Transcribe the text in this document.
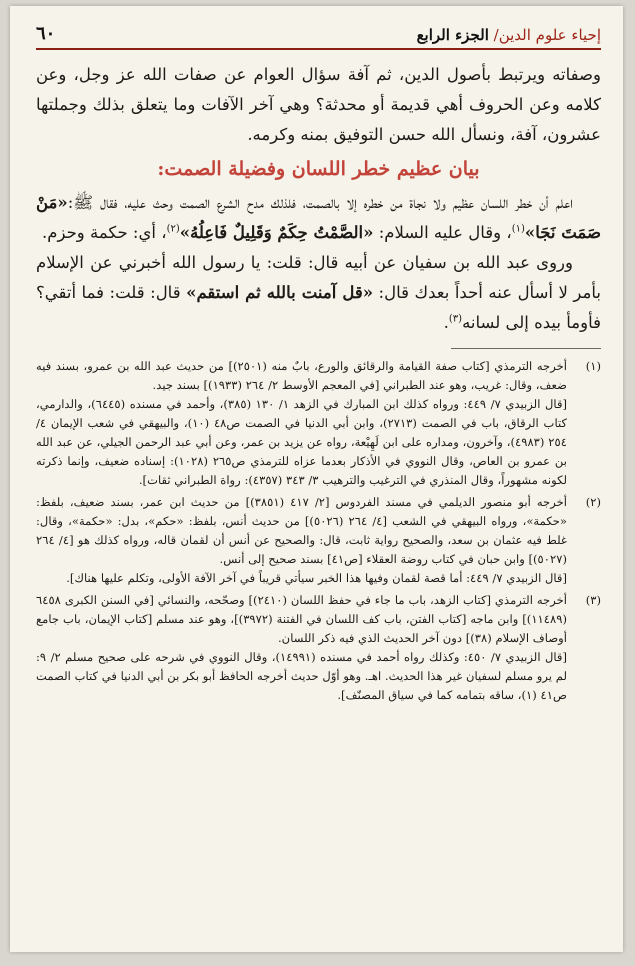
إحياء علوم الدين/ الجزء الرابع
٦٠

وصفاته ويرتبط بأصول الدين، ثم آفة سؤال العوام عن صفات الله عز وجل، وعن كلامه وعن الحروف أهي قديمة أو محدثة؟ وهي آخر الآفات وما يتعلق بذلك وجملتها عشرون، آفة، ونسأل الله حسن التوفيق بمنه وكرمه.

بيان عظيم خطر اللسان وفضيلة الصمت:

اعلم أن خطر اللسان عظيم ولا نجاة من خطره إلا بالصمت، فلذلك مدح الشرع الصمت وحث عليه، فقال ﷺ:«مَنْ صَمَتَ نَجَا»$^{(١)}$، وقال عليه السلام: «الصَّمْتُ حِكَمٌ وَقَلِيلٌ فَاعِلُهُ»$^{(٢)}$، أي: حكمة وحزم.

وروى عبد الله بن سفيان عن أبيه قال: قلت: يا رسول الله أخبرني عن الإسلام بأمر لا أسأل عنه أحداً بعدك قال: «قل آمنت بالله ثم استقم» قال: قلت: فما أتقي؟ فأومأ بيده إلى لسانه$^{(٣)}$.

(١)

أخرجه الترمذي [كتاب صفة القيامة والرقائق والورع، بابٌ منه (٢٥٠١)] من حديث عبد الله بن عمرو، بسند فيه ضعف، وقال: غريب، وهو عند الطبراني [في المعجم الأوسط ٢/ ٢٦٤ (١٩٣٣)] بسند جيد.

[قال الزبيدي ٧/ ٤٤٩: ورواه كذلك ابن المبارك في الزهد ١/ ١٣٠ (٣٨٥)، وأحمد في مسنده (٦٤٤٥)، والدارمي، كتاب الرقاق، باب في الصمت (٢٧١٣)، وابن أبي الدنيا في الصمت ص٤٨ (١٠)، والبيهقي في شعب الإيمان ٤/ ٢٥٤ (٤٩٨٣)، وآخرون، ومداره على ابن لَهِيْعة، رواه عن يزيد بن عمر، وعن أبي عبد الرحمن الجيلي، عن عبد الله بن عمرو بن العاص، وقال النووي في الأذكار بعدما عزاه للترمذي ص٢٦٥ (١٠٢٨): إسناده ضعيف، وإنما ذكرته لكونه مشهوراً، وقال المنذري في الترغيب والترهيب ٣/ ٣٤٣ (٤٣٥٧): رواة الطبراني ثقات].

(٢)

أخرجه أبو منصور الديلمي في مسند الفردوس [٢/ ٤١٧ (٣٨٥١)] من حديث ابن عمر، بسند ضعيف، بلفظ: «حكمة»، ورواه البيهقي في الشعب [٤/ ٢٦٤ (٥٠٢٦)] من حديث أنس، بلفظ: «حكم»، بدل: «حكمة»، وقال: غلط فيه عثمان بن سعد، والصحيح رواية ثابت، قال: والصحيح عن أنس أن لقمان قاله، ورواه كذلك هو [٤/ ٢٦٤ (٥٠٢٧)] وابن حبان في كتاب روضة العقلاء [ص٤١] بسند صحيح إلى أنس.

[قال الزبيدي ٧/ ٤٤٩: أما قصة لقمان وفيها هذا الخبر سيأتي قريباً في آخر الآفة الأولى، وتكلم عليها هناك].

(٣)

أخرجه الترمذي [كتاب الزهد، باب ما جاء في حفظ اللسان (٢٤١٠)] وصحّحه، والنسائي [في السنن الكبرى ٦٤٥٨ (١١٤٨٩)] وابن ماجه [كتاب الفتن، باب كف اللسان في الفتنة (٣٩٧٢)]، وهو عند مسلم [كتاب الإيمان، باب جامع أوصاف الإسلام (٣٨)] دون آخر الحديث الذي فيه ذكر اللسان.

[قال الزبيدي ٧/ ٤٥٠: وكذلك رواه أحمد في مسنده (١٤٩٩١)، وقال النووي في شرحه على صحيح مسلم ٢/ ٩: لم يرو مسلم لسفيان غير هذا الحديث. اهـ. وهو أوّل حديث أخرجه الحافظ أبو بكر بن أبي الدنيا في كتاب الصمت ص٤١ (١)، ساقه بتمامه كما في سياق المصنّف].
